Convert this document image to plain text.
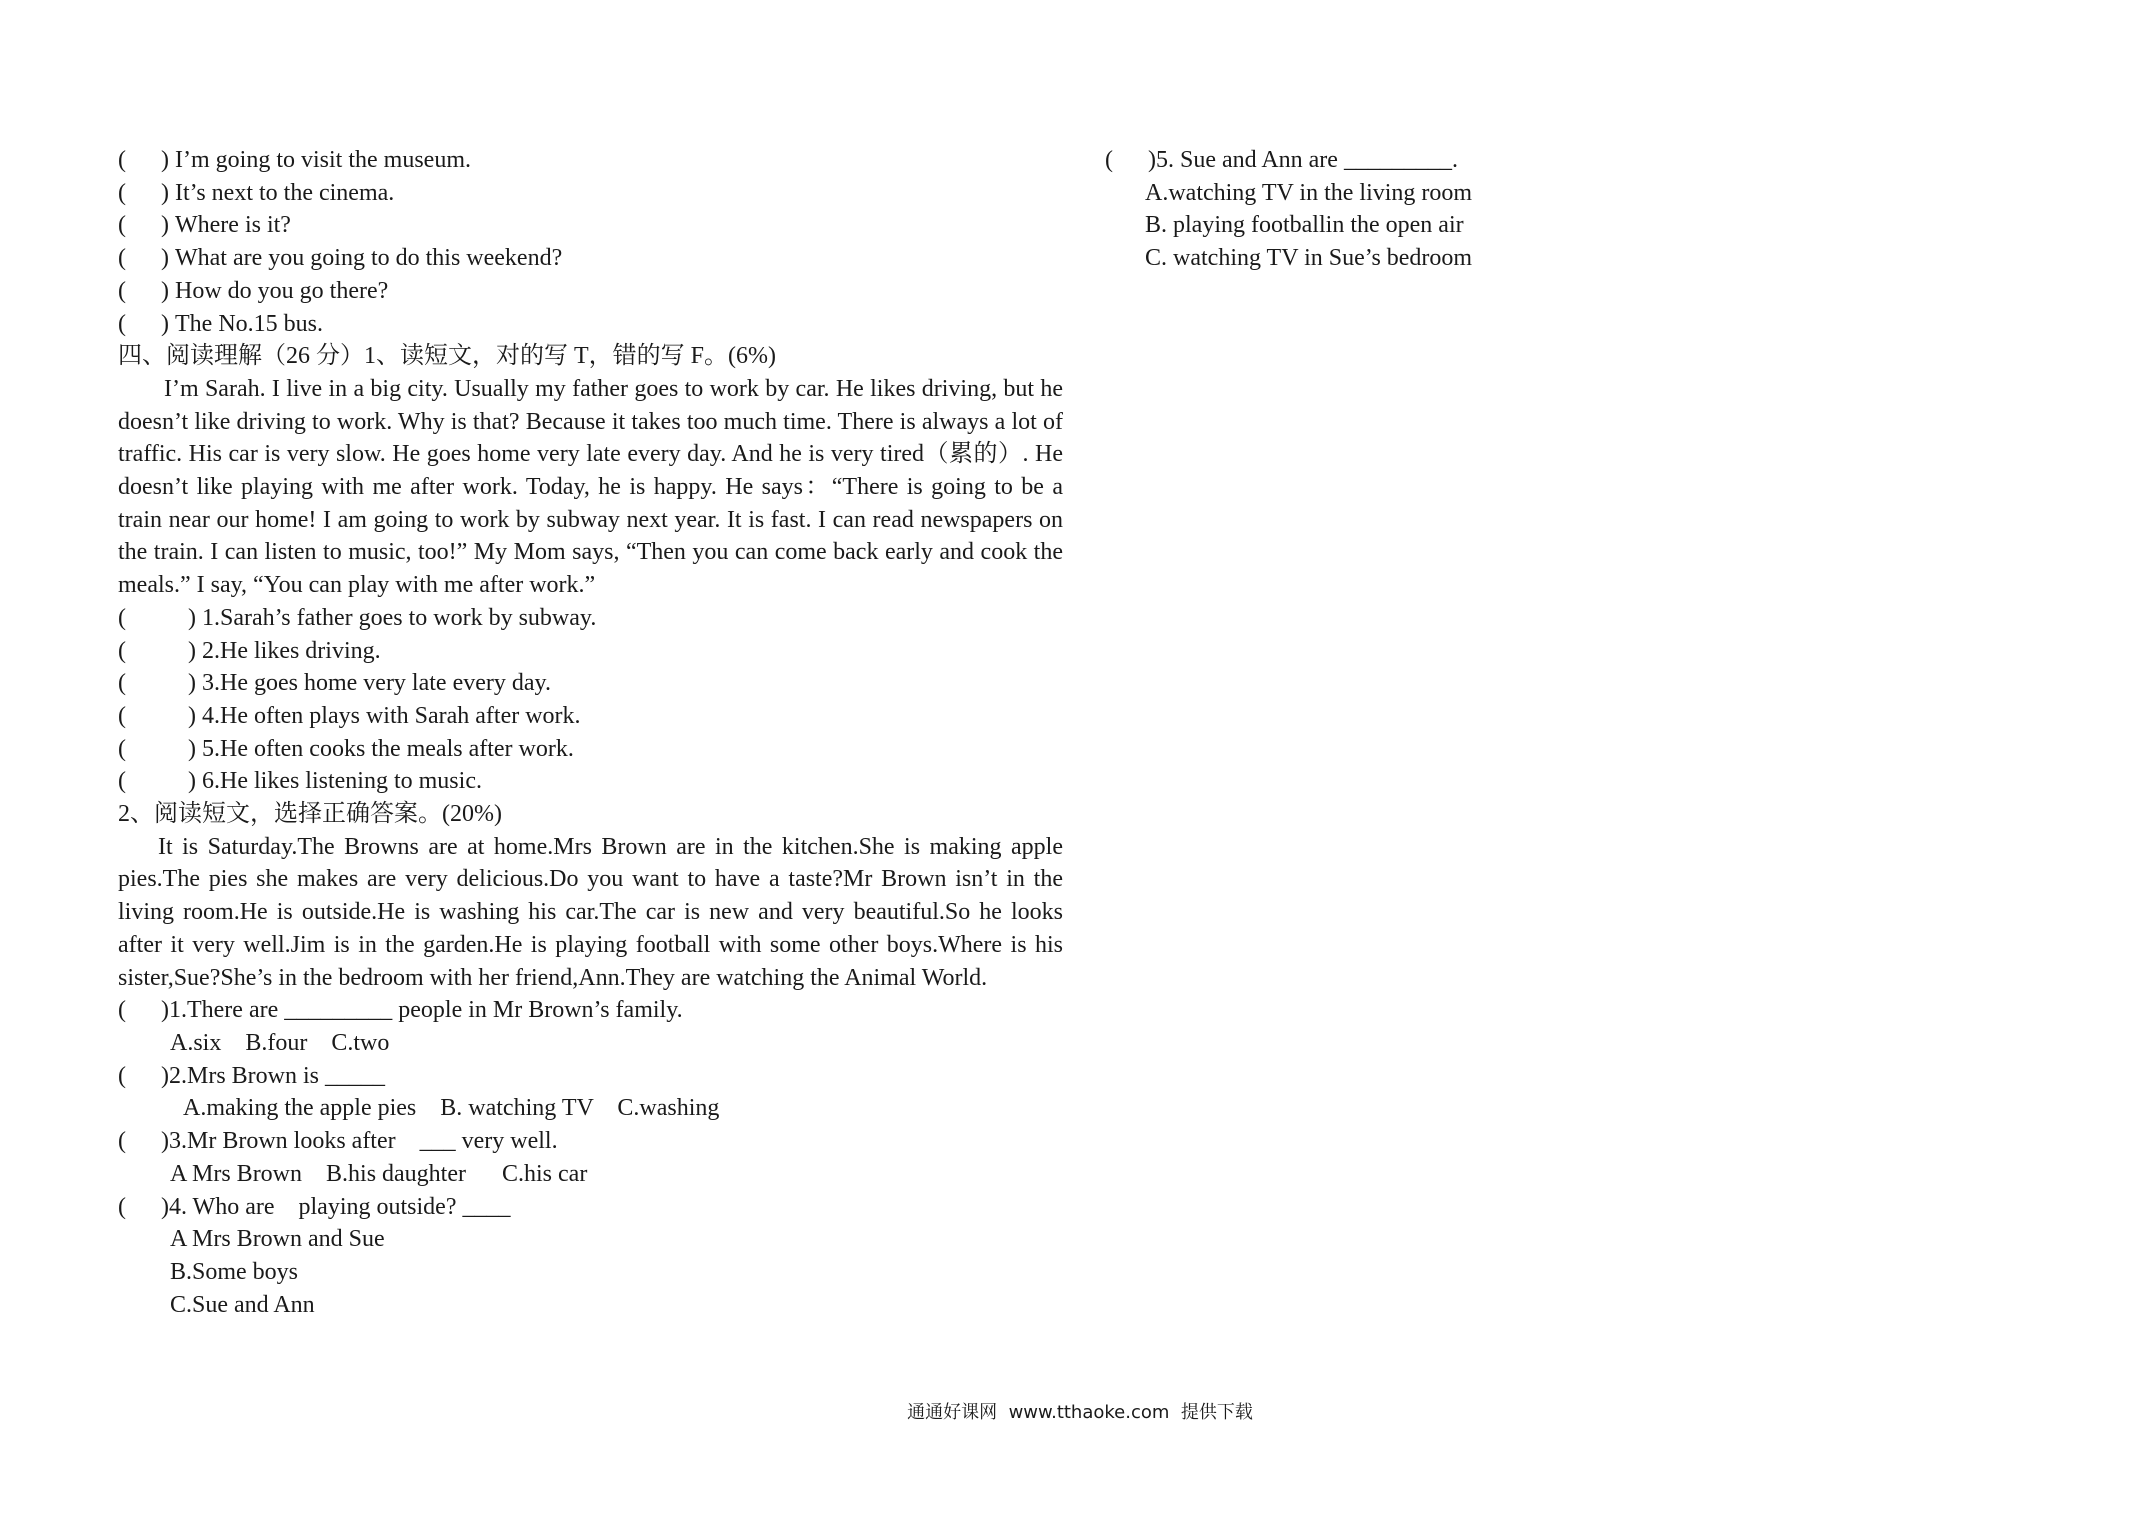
(	)
I’m going to visit the museum.
(	)
It’s next to the cinema.
(	)
Where is it?
(	)
What are you going to do this weekend?
(	)
How do you go there?
(	)
The No.15 bus.
四、阅读理解（26 分）1、读短文，对的写 T，错的写 F。(6%)

I’m Sarah. I live in a big city. Usually my father goes to work by car. He likes driving, but he doesn’t like driving to work. Why is that? Because it takes too much time. There is always a lot of traffic. His car is very slow. He goes home very late every day. And he is very tired（累的）. He doesn’t like playing with me after work. Today, he is happy. He says：“There is going to be a train near our home! I am going to work by subway next year. It is fast. I can read newspapers on the train. I can listen to music, too!” My Mom says, “Then you can come back early and cook the meals.” I say, “You can play with me after work.”

(	) 1.Sarah’s father goes to work by subway.
(	) 2.He likes driving.
(	) 3.He goes home very late every day.
(	) 4.He often plays with Sarah after work.
(	) 5.He often cooks the meals after work.
(	) 6.He likes listening to music.
2、阅读短文，选择正确答案。(20%)

It is Saturday.The Browns are at home.Mrs Brown are in the kitchen.She is making apple pies.The pies she makes are very delicious.Do you want to have a taste?Mr Brown isn’t in the living room.He is outside.He is washing his car.The car is new and very beautiful.So he looks after it very well.Jim is in the garden.He is playing football with some other boys.Where is his sister,Sue?She’s in the bedroom with her friend,Ann.They are watching the Animal World.

(	)1.There are _________ people in Mr Brown’s family.
A.six    B.four    C.two
(	)2.Mrs Brown is _____
A.making the apple pies    B. watching TV    C.washing
(	)3.Mr Brown looks after    ___ very well.
A Mrs Brown    B.his daughter      C.his car
(	)4. Who are    playing outside? ____
A Mrs Brown and Sue
B.Some boys
C.Sue and Ann
(	)5. Sue and Ann are _________.
A.watching TV in the living room
B. playing footballin the open air
C. watching TV in Sue’s bedroom
通通好课网  www.tthaoke.com  提供下载
